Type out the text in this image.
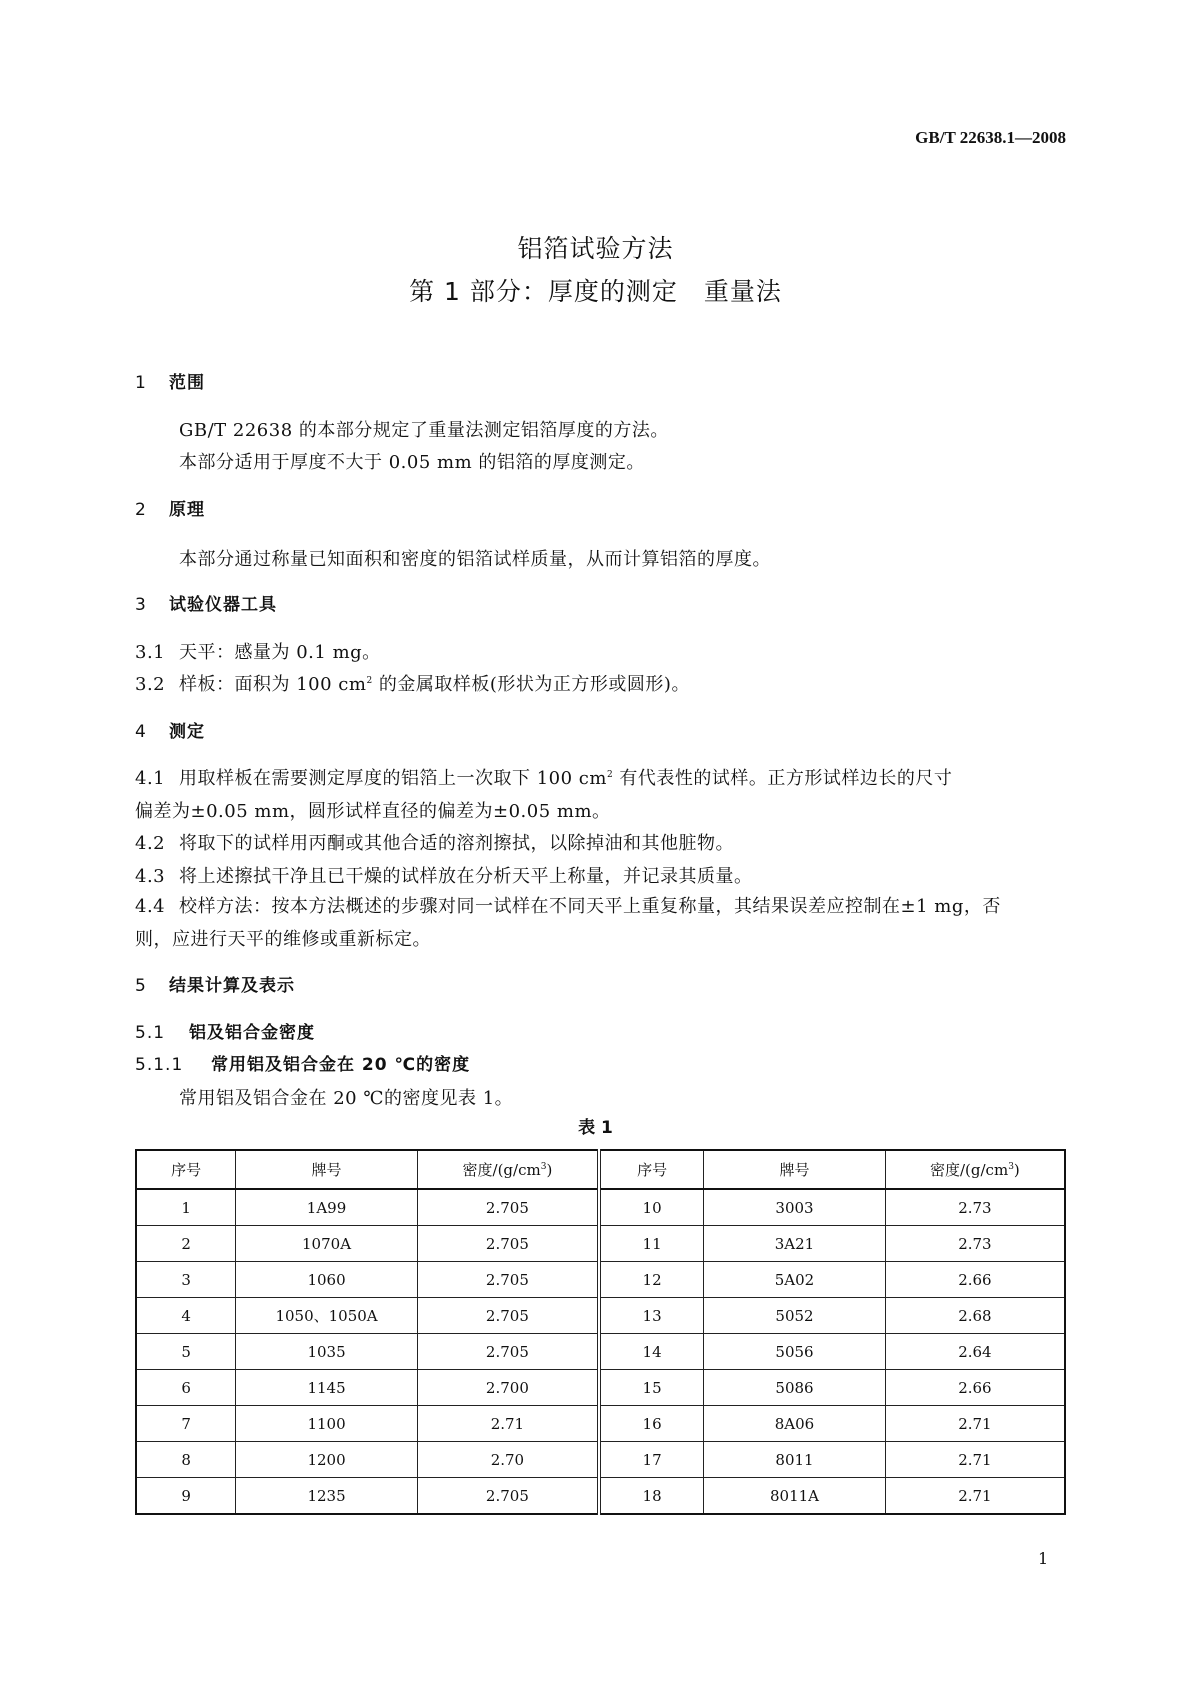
GB/T 22638.1—2008
铝箔试验方法
第 1 部分：厚度的测定　重量法
1 范围
GB/T 22638 的本部分规定了重量法测定铝箔厚度的方法。
本部分适用于厚度不大于 0.05 mm 的铝箔的厚度测定。
2 原理
本部分通过称量已知面积和密度的铝箔试样质量，从而计算铝箔的厚度。
3 试验仪器工具
3.1 天平：感量为 0.1 mg。
3.2 样板：面积为 100 $cm^2$ 的金属取样板(形状为正方形或圆形)。
4 测定
4.1 用取样板在需要测定厚度的铝箔上一次取下 100 $cm^2$ 有代表性的试样。正方形试样边长的尺寸
偏差为±0.05 mm，圆形试样直径的偏差为±0.05 mm。
4.2 将取下的试样用丙酮或其他合适的溶剂擦拭，以除掉油和其他脏物。
4.3 将上述擦拭干净且已干燥的试样放在分析天平上称量，并记录其质量。
4.4 校样方法：按本方法概述的步骤对同一试样在不同天平上重复称量，其结果误差应控制在±1 mg，否
则，应进行天平的维修或重新标定。
5 结果计算及表示
5.1 铝及铝合金密度
5.1.1 常用铝及铝合金在 20 ℃的密度
常用铝及铝合金在 20 ℃的密度见表 1。
表 1
序号	牌号	密度$/(g/cm^3)$	序号	牌号	密度$/(g/cm^3)$
1	1A99	2.705	10	3003	2.73
2	1070A	2.705	11	3A21	2.73
3	1060	2.705	12	5A02	2.66
4	1050、1050A	2.705	13	5052	2.68
5	1035	2.705	14	5056	2.64
6	1145	2.700	15	5086	2.66
7	1100	2.71	16	8A06	2.71
8	1200	2.70	17	8011	2.71
9	1235	2.705	18	8011A	2.71
1
